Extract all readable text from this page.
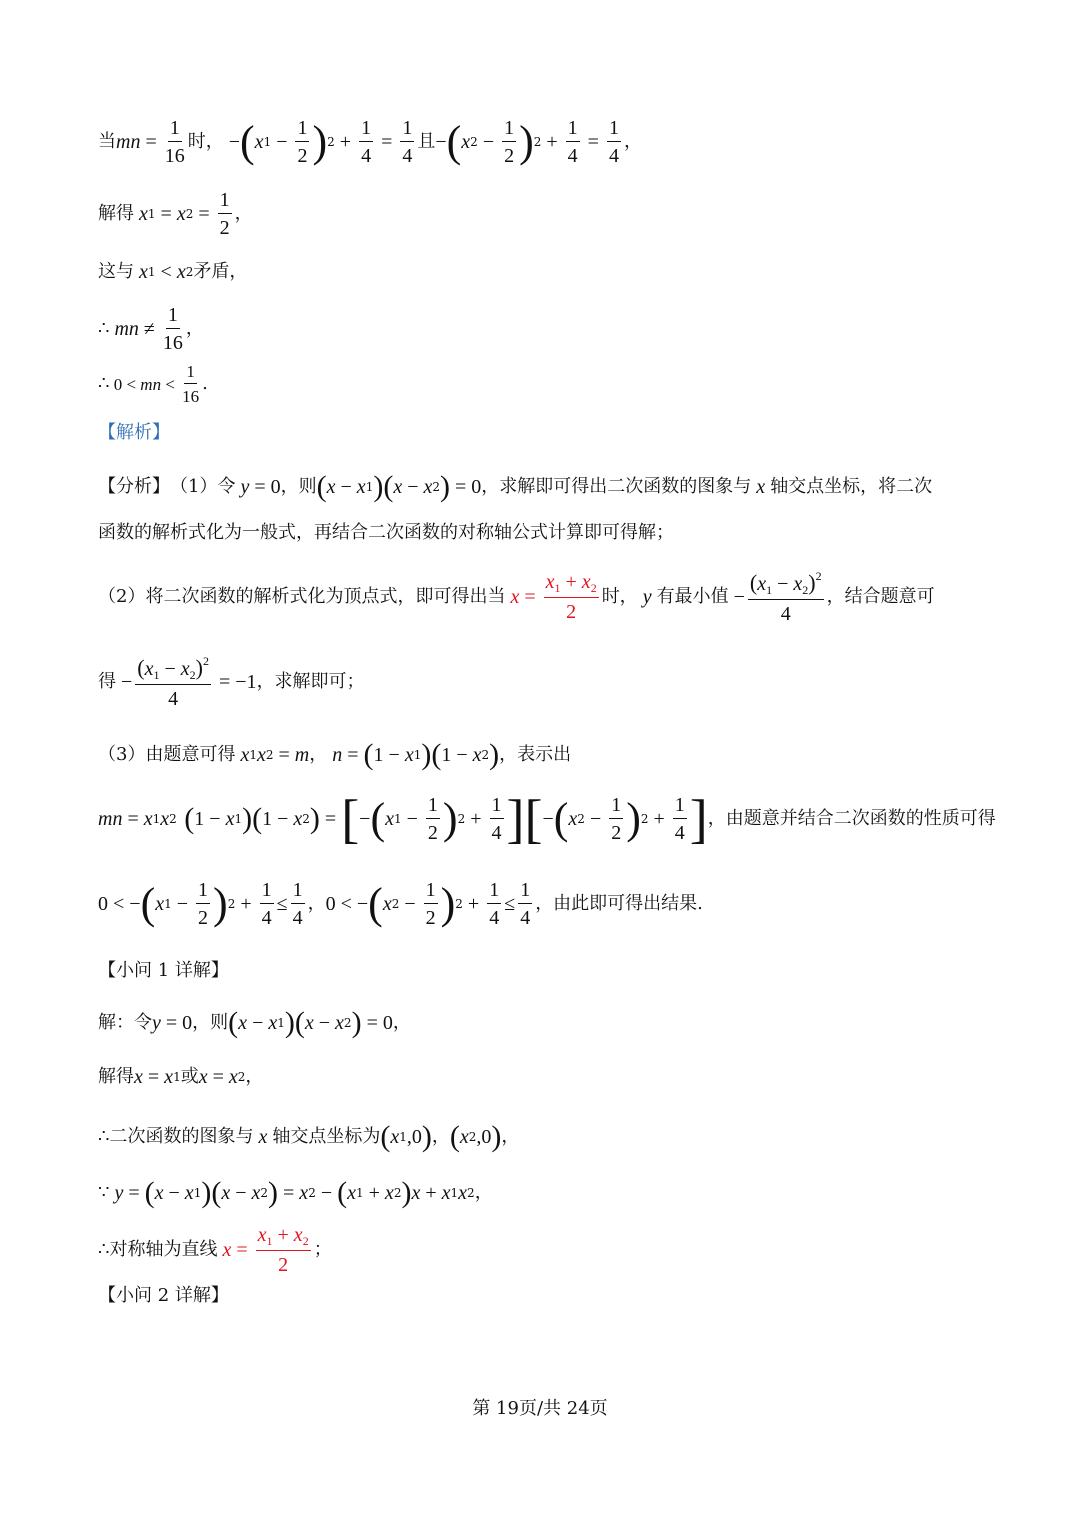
当 mn = $\frac{1}{16}$ 时， − ( x $1 - \frac{1}{2}$ ) $2 + \frac{1}{4} = \frac{1}{4}$ 且 − ( x $2 - \frac{1}{2}$ ) $2 + \frac{1}{4} = \frac{1}{4}$ ，
解得 x 1 = x $2 = \frac{1}{2}$ ，
这与 x 1 < x 2 矛盾，
∴ mn ≠ $\frac{1}{16}$ ，
∴ 0 < mn < $\frac{1}{16}$ .
【解析】
【分析】 （1）令 y = 0 ，则 ( x − x 1 )( x − x 2 ) = 0 ，求解即可得出二次函数的图象与 x 轴交点坐标，将二次
函数的解析式化为一般式，再结合二次函数的对称轴公式计算即可得解；
（2）将二次函数的解析式化为顶点式，即可得出当 $x = \frac{x_1 + x_2}{2}$ 时， y 有最小值 − $\frac{(x_1 - x_2)^2}{4}$ ，结合题意可
得 − $\frac{(x_1 - x_2)^2}{4} = -1$ ，求解即可；
（3）由题意可得 x 1 x 2 = m ， n = ( 1 − x 1 )( 1 − x 2 ) ，表示出
mn = x 1 x 2 ( 1 − x 1 )( 1 − x 2 ) = [ − ( x $1 - \frac{1}{2}$ ) $2 + \frac{1}{4}$ ] [ − ( x $2 - \frac{1}{2}$ ) $2 + \frac{1}{4}$ ] ，由题意并结合二次函数的性质可得
0 < − ( x $1 - \frac{1}{2}$ ) $2 + \frac{1}{4} \le \frac{1}{4}$ ， 0 < − ( x $2 - \frac{1}{2}$ ) $2 + \frac{1}{4} \le \frac{1}{4}$ ，由此即可得出结果.
【小问 1 详解】
解：令 y = 0 ，则 ( x − x 1 )( x − x 2 ) = 0 ，
解得 x = x 1 或 x = x 2 ，
∴ 二次函数的图象与 x 轴交点坐标为 ( x 1 ,0 ) ， ( x 2 ,0 ) ，
∵ y = ( x − x 1 )( x − x 2 ) = x 2 − ( x 1 + x 2 ) x + x 1 x 2 ，
∴ 对称轴为直线 $x = \frac{x_1 + x_2}{2}$ ；
【小问 2 详解】
第 19页/共 24页
